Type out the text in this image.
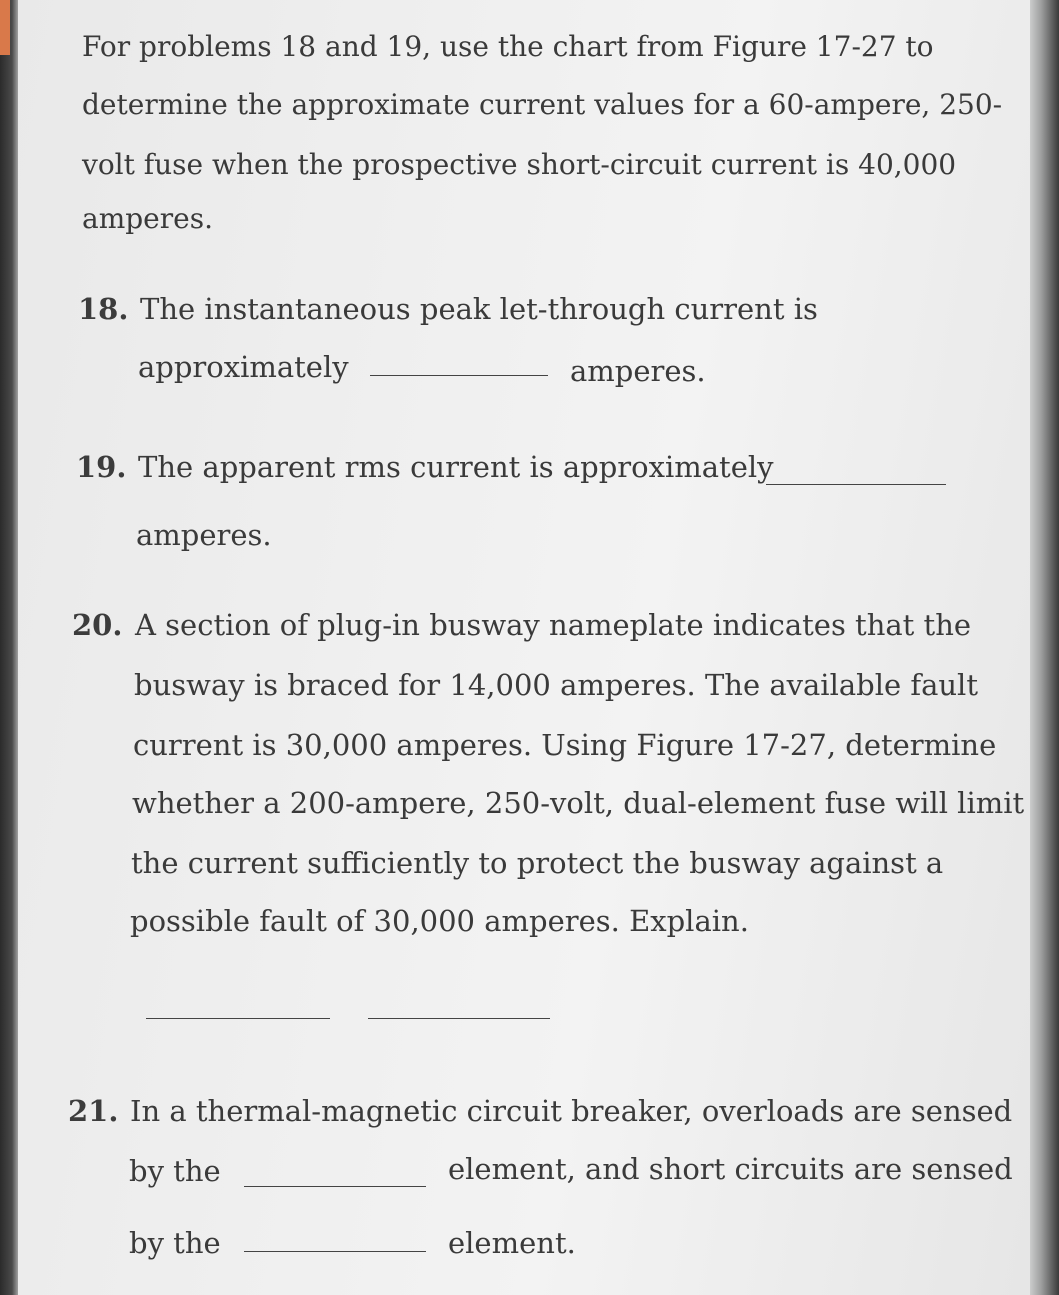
For problems 18 and 19, use the chart from Figure 17-27 to
determine the approximate current values for a 60-ampere, 250-
volt fuse when the prospective short-circuit current is 40,000
amperes.
18. The instantaneous peak let-through current is
approximately	amperes.
19. The apparent rms current is approximately
amperes.
20. A section of plug-in busway nameplate indicates that the
busway is braced for 14,000 amperes. The available fault
current is 30,000 amperes. Using Figure 17-27, determine
whether a 200-ampere, 250-volt, dual-element fuse will limit
the current sufficiently to protect the busway against a
possible fault of 30,000 amperes. Explain.
21. In a thermal-magnetic circuit breaker, overloads are sensed
by the	element, and short circuits are sensed
by the	element.
